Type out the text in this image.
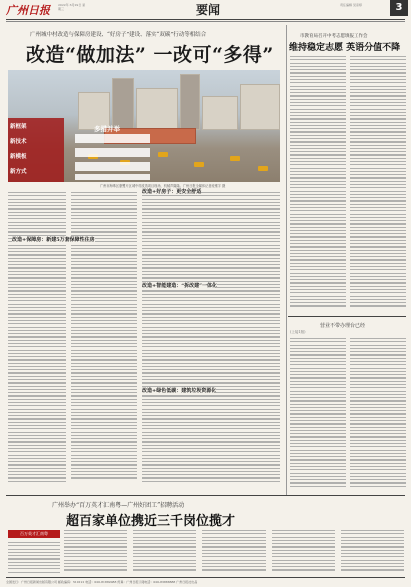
广州日报	2022年 6月29日 星期三	要闻	责任编辑 吴彦婷	3
广州城中村改造与保障房建设、“好房子”建设、落实“双碳”行动等相结合
改造“做加法” 一改可“多得”
多措并举
新框架
新技术
新模板
新方式
广州市海珠区康鹭片区城中村改造项目现场，机械声隆隆。广州日报全媒体记者庞维宇 摄
改造+保障房：新建5万套保障性住房
改造+好房子：更安全舒适
改造+智能建造：“拆改建”一体化
改造+绿色低碳：建筑垃圾资源化
市教育局召开中考志愿填报工作会
维持稳定志愿 英语分值不降
营业不带办理台已经
(上接1版)
广州举办“百万英才汇南粤—广州好团工”招聘活动
超百家单位携近三千岗位揽才
百万英才汇南粤
全国发行：广州日报新闻出版有限公司 邮政编码：510121 电话：020-81882088 传真：广州日报订阅电话：020-83888888 广州日报社出品
